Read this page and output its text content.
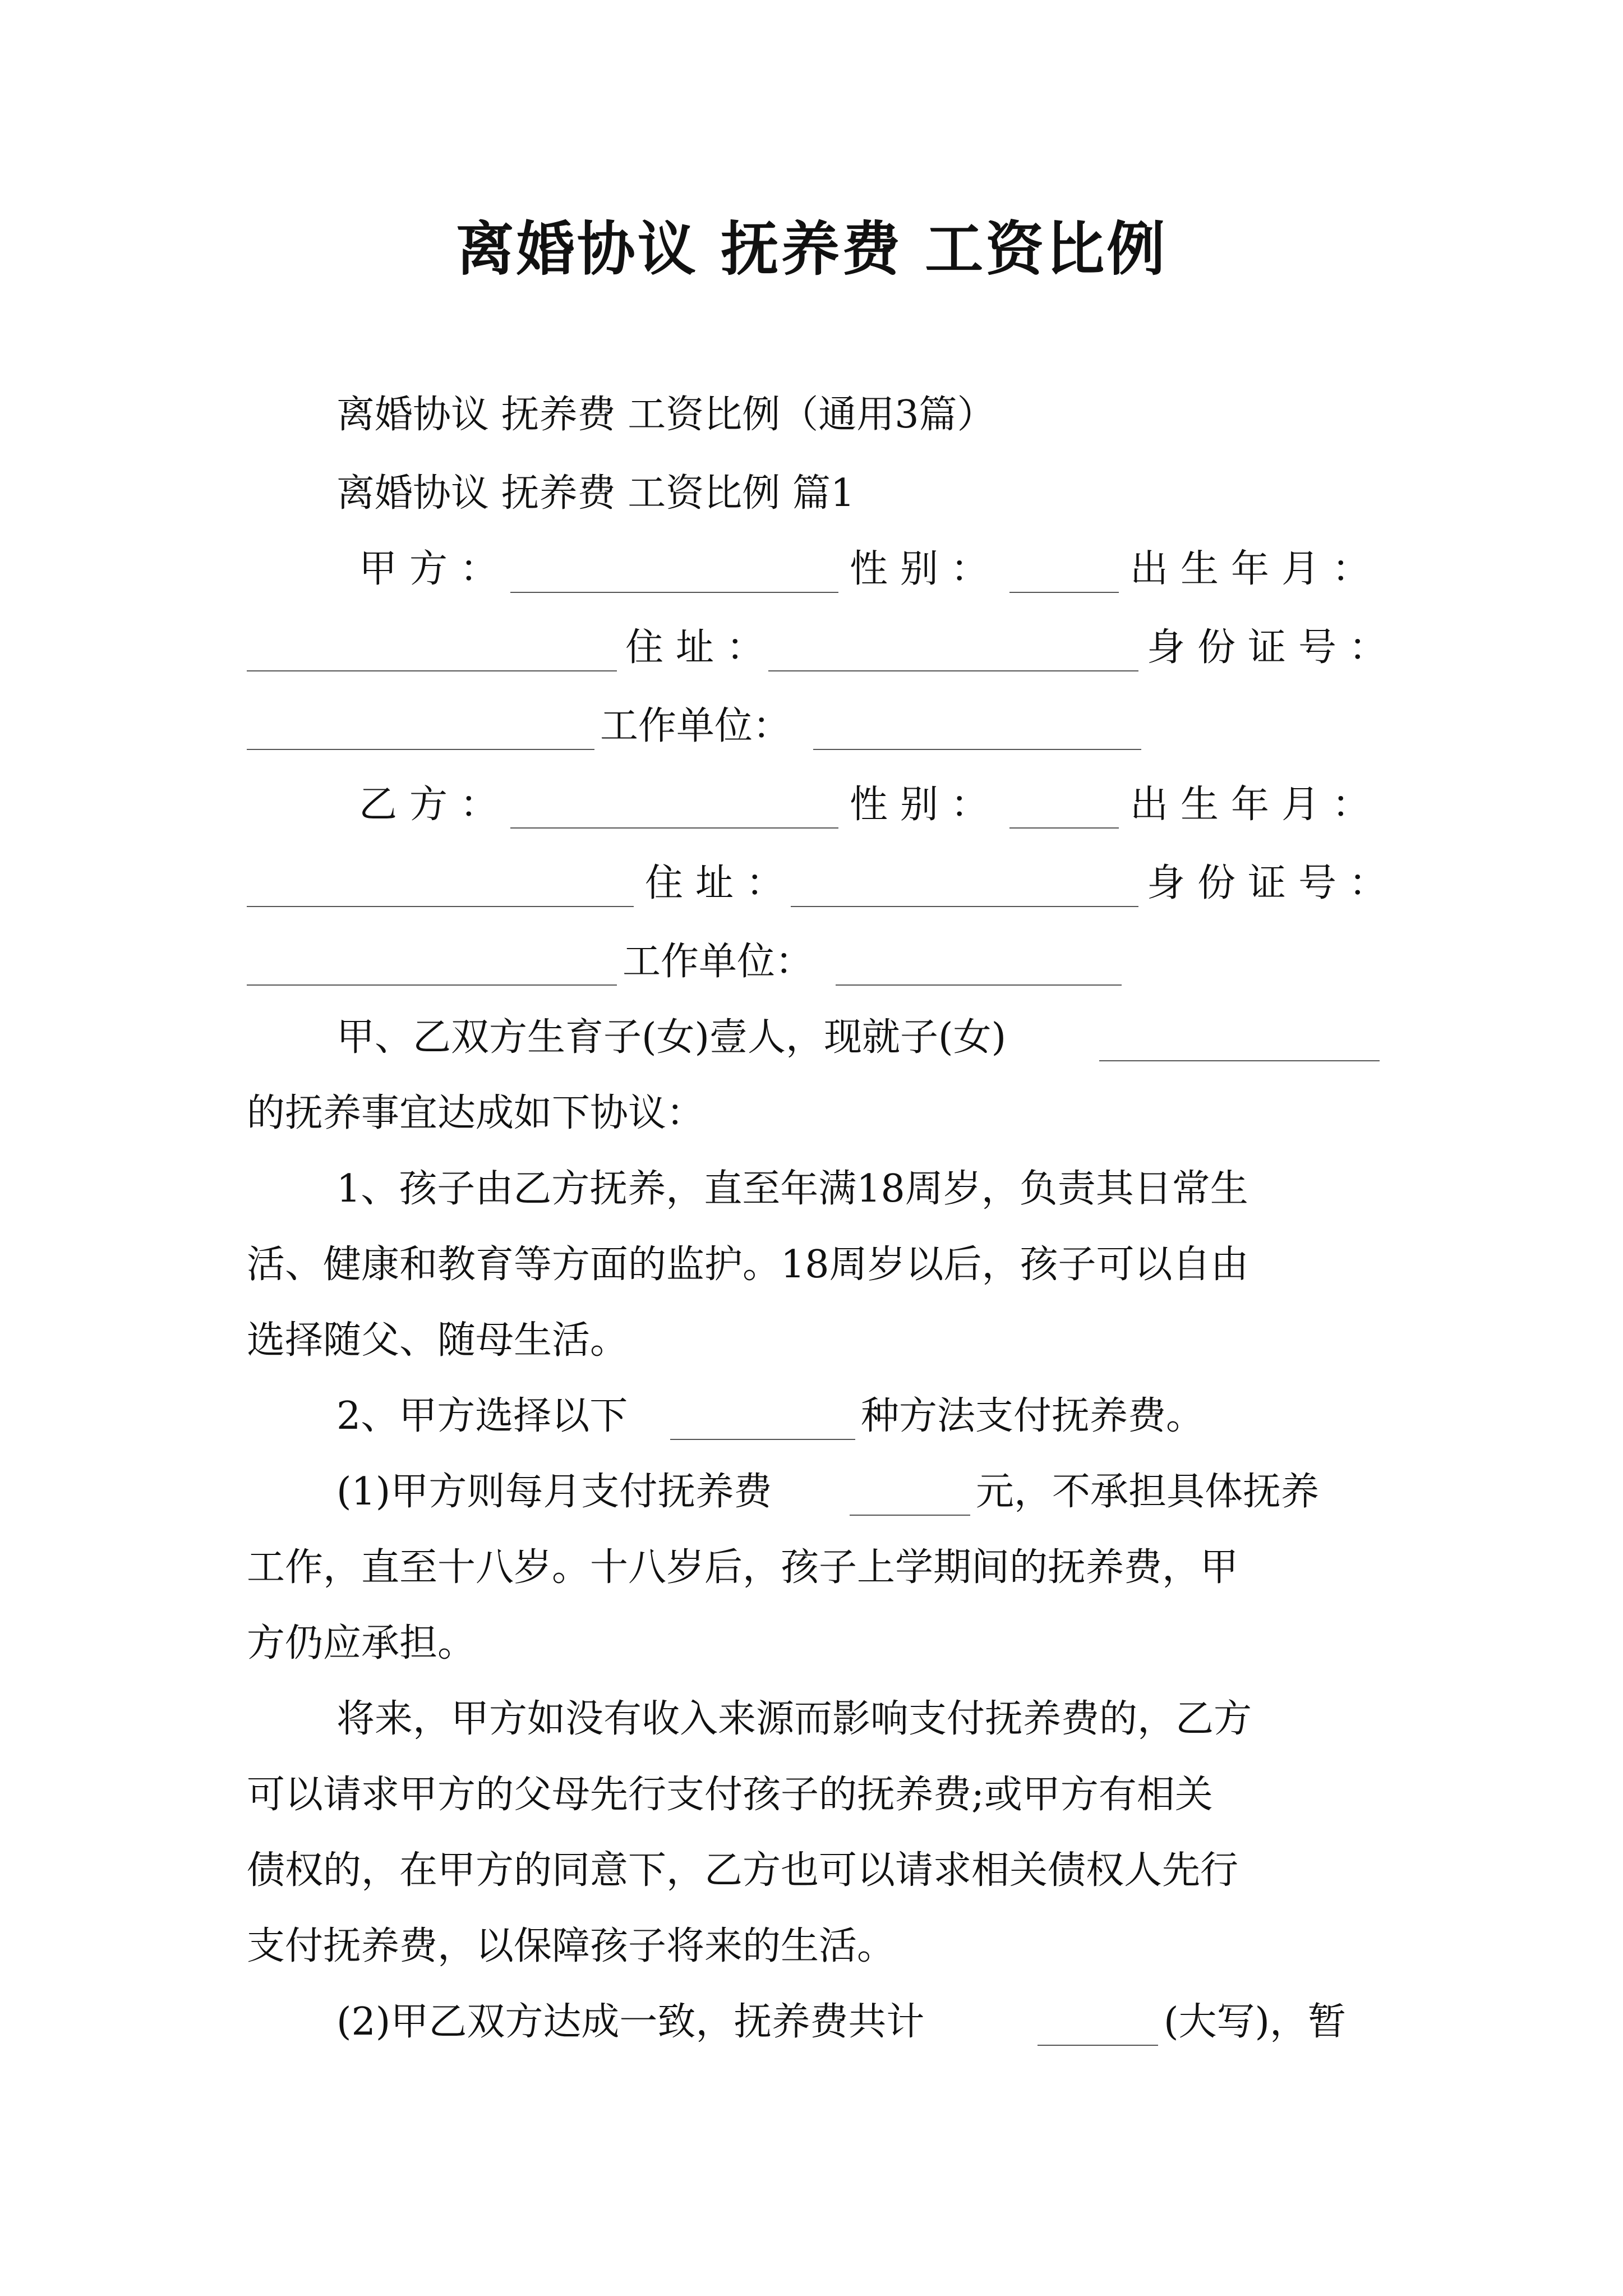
离婚协议 抚养费 工资比例
离婚协议 抚养费 工资比例（通用3篇）
离婚协议 抚养费 工资比例 篇1
甲方：	性别：	出生年月：
住址：	身份证号：
工作单位：
乙方：	性别：	出生年月：
住址：	身份证号：
工作单位：
甲、乙双方生育子(女)壹人，现就子(女)
的抚养事宜达成如下协议：
1、孩子由乙方抚养，直至年满18周岁，负责其日常生
活、健康和教育等方面的监护。18周岁以后，孩子可以自由
选择随父、随母生活。
2、甲方选择以下	种方法支付抚养费。
(1)甲方则每月支付抚养费	元，不承担具体抚养
工作，直至十八岁。十八岁后，孩子上学期间的抚养费，甲
方仍应承担。
将来，甲方如没有收入来源而影响支付抚养费的，乙方
可以请求甲方的父母先行支付孩子的抚养费;或甲方有相关
债权的，在甲方的同意下，乙方也可以请求相关债权人先行
支付抚养费，以保障孩子将来的生活。
(2)甲乙双方达成一致，抚养费共计	(大写)，暂
